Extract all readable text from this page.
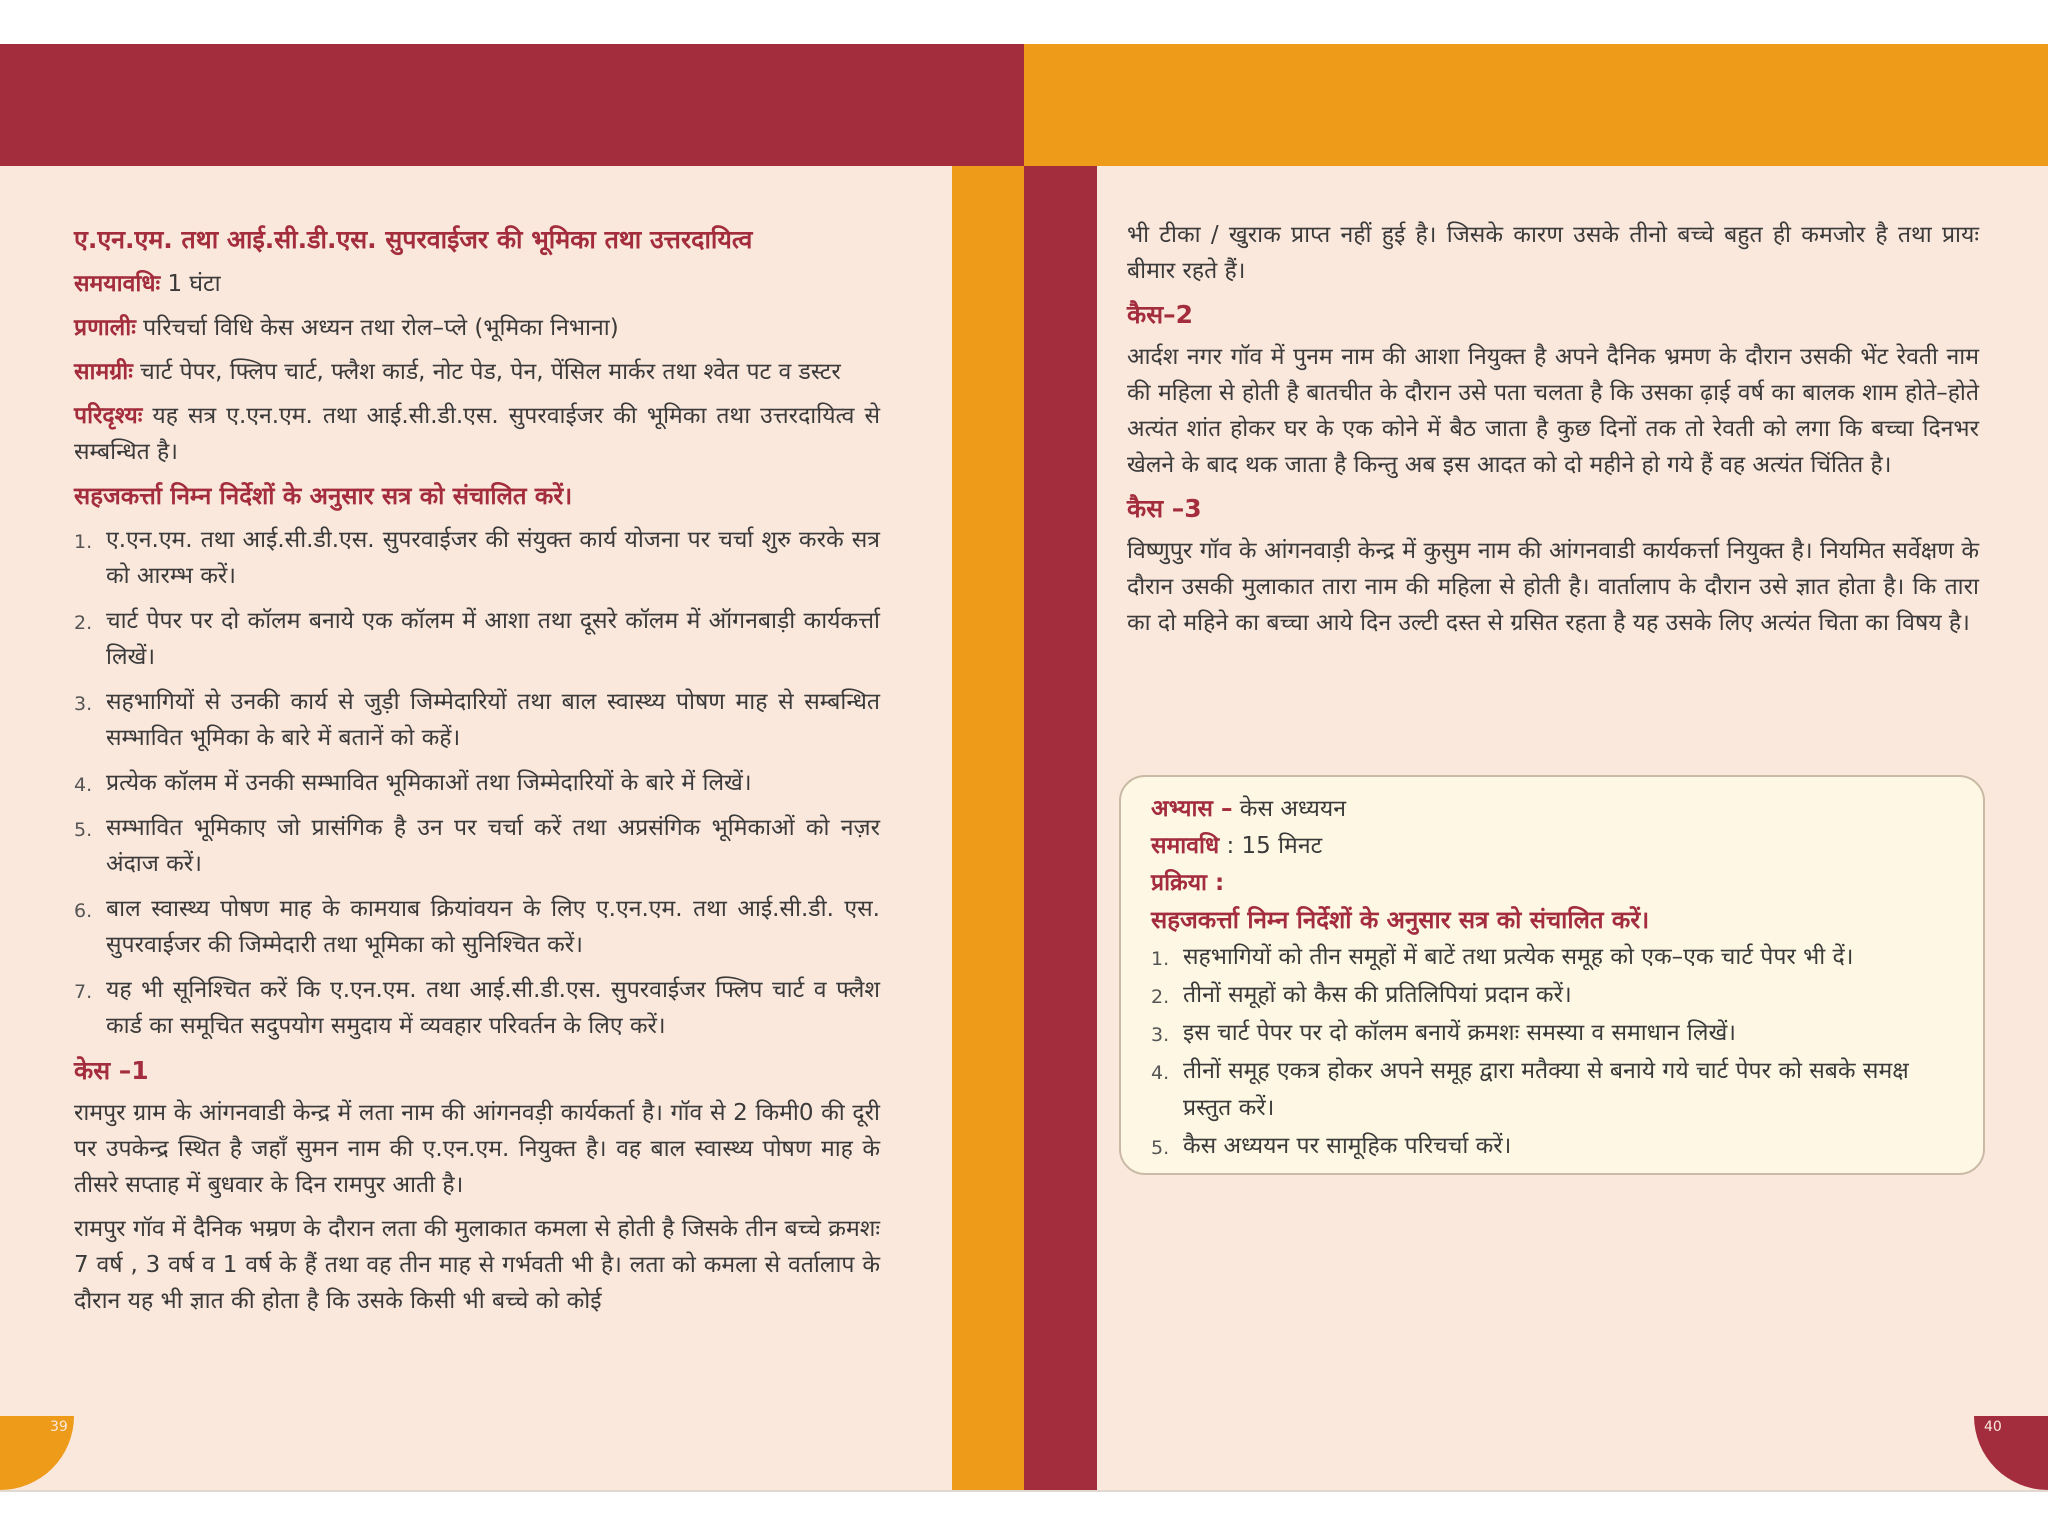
39	40
ए.एन.एम. तथा आई.सी.डी.एस. सुपरवाईजर की भूमिका तथा उत्तरदायित्व

समयावधिः 1 घंटा

प्रणालीः परिचर्चा विधि केस अध्यन तथा रोल–प्ले (भूमिका निभाना)

सामग्रीः चार्ट पेपर, फ्लिप चार्ट, फ्लैश कार्ड, नोट पेड, पेन, पेंसिल मार्कर तथा श्वेत पट व डस्टर

परिदृश्यः यह सत्र ए.एन.एम. तथा आई.सी.डी.एस. सुपरवाईजर की भूमिका तथा उत्तरदायित्व से सम्बन्धित है।

सहजकर्त्ता निम्न निर्देशों के अनुसार सत्र को संचालित करें।
1. ए.एन.एम. तथा आई.सी.डी.एस. सुपरवाईजर की संयुक्त कार्य योजना पर चर्चा शुरु करके सत्र को आरम्भ करें।
2. चार्ट पेपर पर दो कॉलम बनाये एक कॉलम में आशा तथा दूसरे कॉलम में ऑगनबाड़ी कार्यकर्त्ता लिखें।
3. सहभागियों से उनकी कार्य से जुड़ी जिम्मेदारियों तथा बाल स्वास्थ्य पोषण माह से सम्बन्धित सम्भावित भूमिका के बारे में बतानें को कहें।
4. प्रत्येक कॉलम में उनकी सम्भावित भूमिकाओं तथा जिम्मेदारियों के बारे में लिखें।
5. सम्भावित भूमिकाए जो प्रासंगिक है उन पर चर्चा करें तथा अप्रसंगिक भूमिकाओं को नज़र अंदाज करें।
6. बाल स्वास्थ्य पोषण माह के कामयाब क्रियांवयन के लिए ए.एन.एम. तथा आई.सी.डी. एस. सुपरवाईजर की जिम्मेदारी तथा भूमिका को सुनिश्चित करें।
7. यह भी सूनिश्चित करें कि ए.एन.एम. तथा आई.सी.डी.एस. सुपरवाईजर फ्लिप चार्ट व फ्लैश कार्ड का समूचित सदुपयोग समुदाय में व्यवहार परिवर्तन के लिए करें।
केस –1

रामपुर ग्राम के आंगनवाडी केन्द्र में लता नाम की आंगनवड़ी कार्यकर्ता है। गॉव से 2 किमी0 की दूरी पर उपकेन्द्र स्थित है जहॉं सुमन नाम की ए.एन.एम. नियुक्त है। वह बाल स्वास्थ्य पोषण माह के तीसरे सप्ताह में बुधवार के दिन रामपुर आती है।

रामपुर गॉव में दैनिक भम्रण के दौरान लता की मुलाकात कमला से होती है जिसके तीन बच्चे क्रमशः 7 वर्ष , 3 वर्ष व 1 वर्ष के हैं तथा वह तीन माह से गर्भवती भी है। लता को कमला से वर्तालाप के दौरान यह भी ज्ञात की होता है कि उसके किसी भी बच्चे को कोई

भी टीका / खुराक प्राप्त नहीं हुई है। जिसके कारण उसके तीनो बच्चे बहुत ही कमजोर है तथा प्रायः बीमार रहते हैं।

कैस–2

आर्दश नगर गॉव में पुनम नाम की आशा नियुक्त है अपने दैनिक भ्रमण के दौरान उसकी भेंट रेवती नाम की महिला से होती है बातचीत के दौरान उसे पता चलता है कि उसका ढ़ाई वर्ष का बालक शाम होते–होते अत्यंत शांत होकर घर के एक कोने में बैठ जाता है कुछ दिनों तक तो रेवती को लगा कि बच्चा दिनभर खेलने के बाद थक जाता है किन्तु अब इस आदत को दो महीने हो गये हैं वह अत्यंत चिंतित है।

कैस –3

विष्णुपुर गॉव के आंगनवाड़ी केन्द्र में कुसुम नाम की आंगनवाडी कार्यकर्त्ता नियुक्त है। नियमित सर्वेक्षण के दौरान उसकी मुलाकात तारा नाम की महिला से होती है। वार्तालाप के दौरान उसे ज्ञात होता है। कि तारा का दो महिने का बच्चा आये दिन उल्टी दस्त से ग्रसित रहता है यह उसके लिए अत्यंत चिता का विषय है।

अभ्यास – केस अध्ययन
समावधि : 15 मिनट
प्रक्रिया :
सहजकर्त्ता निम्न निर्देशों के अनुसार सत्र को संचालित करें।
1. सहभागियों को तीन समूहों में बाटें तथा प्रत्येक समूह को एक–एक चार्ट पेपर भी दें।
2. तीनों समूहों को कैस की प्रतिलिपियां प्रदान करें।
3. इस चार्ट पेपर पर दो कॉलम बनायें क्रमशः समस्या व समाधान लिखें।
4. तीनों समूह एकत्र होकर अपने समूह द्वारा मतैक्या से बनाये गये चार्ट पेपर को सबके समक्ष प्रस्तुत करें।
5. कैस अध्ययन पर सामूहिक परिचर्चा करें।
